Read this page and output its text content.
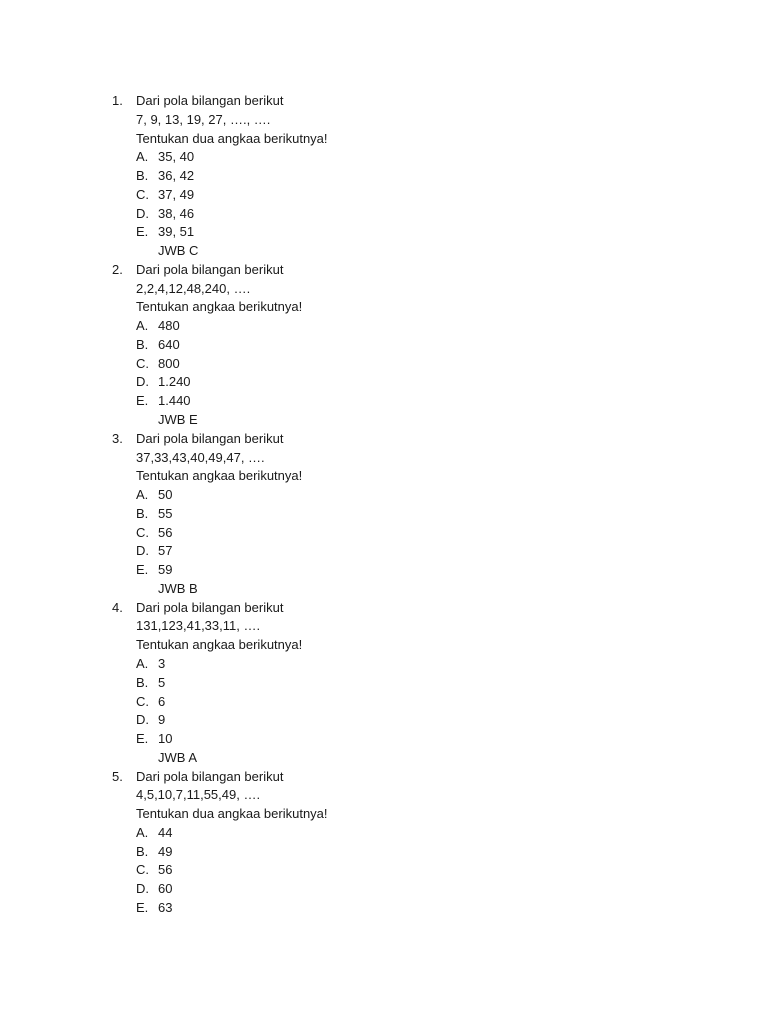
1. Dari pola bilangan berikut
7, 9, 13, 19, 27, …., ….
Tentukan dua angkaa berikutnya!
A. 35, 40
B. 36, 42
C. 37, 49
D. 38, 46
E. 39, 51
JWB C
2. Dari pola bilangan berikut
2,2,4,12,48,240, ….
Tentukan angkaa berikutnya!
A. 480
B. 640
C. 800
D. 1.240
E. 1.440
JWB E
3. Dari pola bilangan berikut
37,33,43,40,49,47, ….
Tentukan angkaa berikutnya!
A. 50
B. 55
C. 56
D. 57
E. 59
JWB B
4. Dari pola bilangan berikut
131,123,41,33,11, ….
Tentukan angkaa berikutnya!
A. 3
B. 5
C. 6
D. 9
E. 10
JWB A
5. Dari pola bilangan berikut
4,5,10,7,11,55,49, ….
Tentukan dua angkaa berikutnya!
A. 44
B. 49
C. 56
D. 60
E. 63
